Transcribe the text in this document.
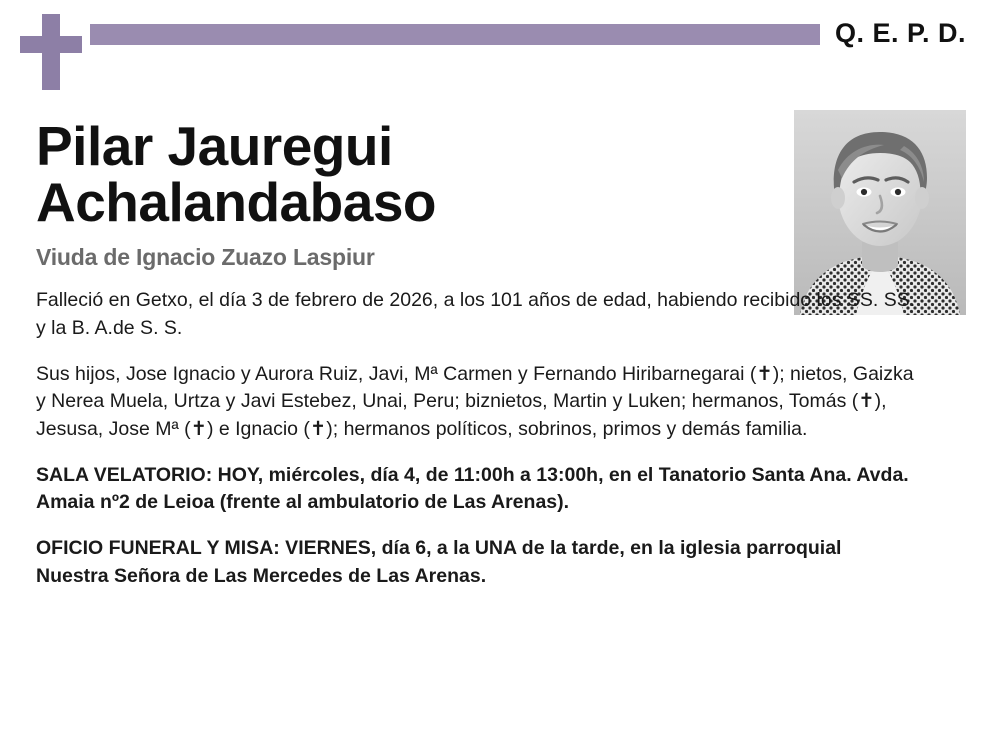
Q. E. P. D.
Pilar Jauregui Achalandabaso
Viuda de Ignacio Zuazo Laspiur

Falleció en Getxo, el día 3 de febrero de 2026, a los 101 años de edad, habiendo recibido los SS. SS. y la B. A.de S. S.

Sus hijos, Jose Ignacio y Aurora Ruiz, Javi, Mª Carmen y Fernando Hiribarnegarai (✝); nietos, Gaizka y Nerea Muela, Urtza y Javi Estebez, Unai, Peru; biznietos, Martin y Luken; hermanos, Tomás (✝), Jesusa, Jose Mª (✝) e Ignacio (✝); hermanos políticos, sobrinos, primos y demás familia.

SALA VELATORIO: HOY, miércoles, día 4, de 11:00h a 13:00h, en el Tanatorio Santa Ana. Avda. Amaia nº2 de Leioa (frente al ambulatorio de Las Arenas).

OFICIO FUNERAL Y MISA: VIERNES, día 6, a la UNA de la tarde, en la iglesia parroquial Nuestra Señora de Las Mercedes de Las Arenas.
